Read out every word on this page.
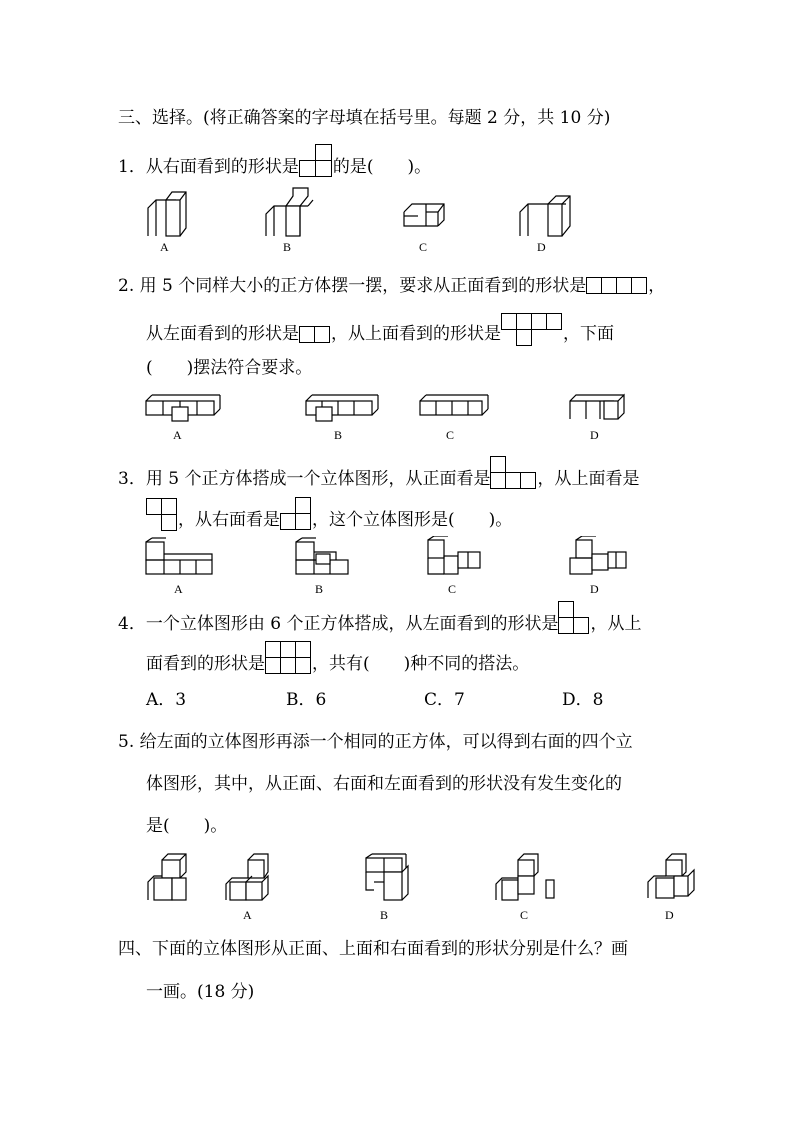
三、选择。(将正确答案的字母填在括号里。每题 2 分，共 10 分)
1．从右面看到的形状是 的是(　　)。
A	B	C	D
2. 用 5 个同样大小的正方体摆一摆，要求从正面看到的形状是	，
从左面看到的形状是 ，从上面看到的形状是	，下面
(　　)摆法符合要求。
A	B	C	D
3．用 5 个正方体搭成一个立体图形，从正面看是	，从上面看是
，从右面看是 ，这个立体图形是(　　)。
A	B	C	D
4．一个立体图形由 6 个正方体搭成，从左面看到的形状是 ，从上
面看到的形状是	，共有(　　)种不同的搭法。
A．3	B．6	C．7	D．8
5. 给左面的立体图形再添一个相同的正方体，可以得到右面的四个立
体图形，其中，从正面、右面和左面看到的形状没有发生变化的
是(　　)。
A	B	C	D
四、下面的立体图形从正面、上面和右面看到的形状分别是什么？画
一画。(18 分)
